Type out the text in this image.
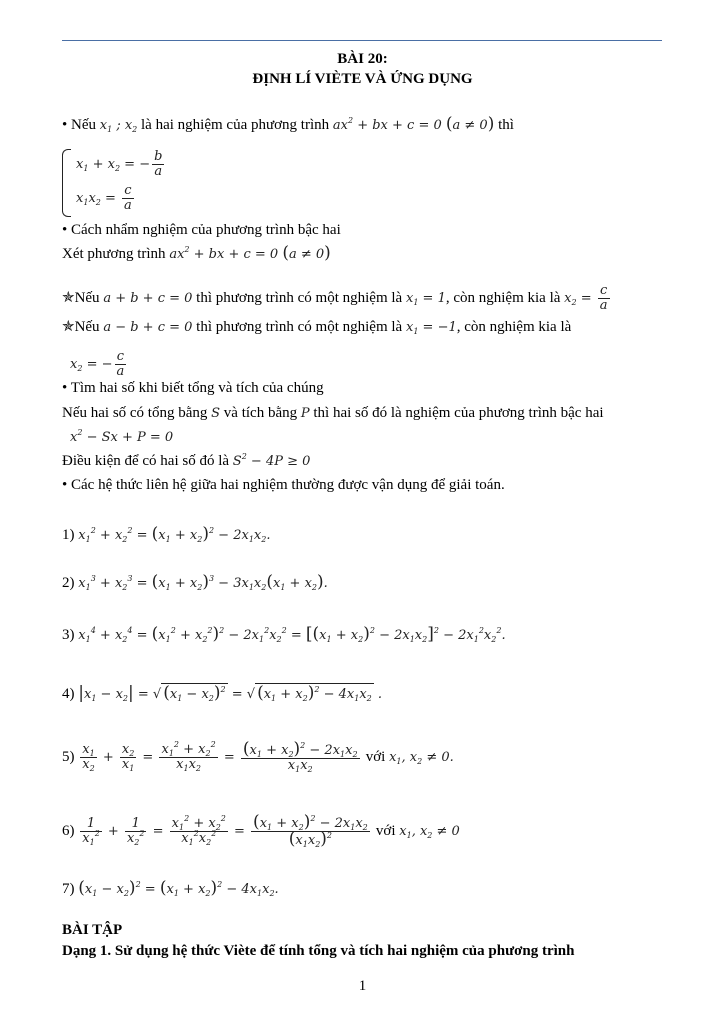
BÀI 20:
ĐỊNH LÍ VIÈTE VÀ ỨNG DỤNG
• Nếu $x_1$ ; $x_2$ là hai nghiệm của phương trình $ax^2$ + bx + c = 0 (a ≠ 0) thì
$x_1 + x_2$ = − $\frac{b}{a}$
$x_1x_2 = \frac{c}{a}$
• Cách nhẩm nghiệm của phương trình bậc hai
Xét phương trình $ax^2$ + bx + c = 0 (a ≠ 0)
✯Nếu a + b + c = 0 thì phương trình có một nghiệm là $x_1 = 1$, còn nghiệm kia là $x_2 = \frac{c}{a}$
✯Nếu a − b + c = 0 thì phương trình có một nghiệm là $x_1 = -1$, còn nghiệm kia là
$x_2$ = − $\frac{c}{a}$
• Tìm hai số khi biết tổng và tích của chúng
Nếu hai số có tổng bằng S và tích bằng P thì hai số đó là nghiệm của phương trình bậc hai
$x^2 - Sx + P = 0$
Điều kiện để có hai số đó là $S^2 - 4P \ge 0$
• Các hệ thức liên hệ giữa hai nghiệm thường được vận dụng để giải toán.
1) $x_1^2 + x_2^2 = (x_1 + x_2)^2 - 2x_1x_2$.
2) $x_1^3 + x_2^3 = (x_1 + x_2)^3 - 3x_1x_2(x_1 + x_2)$.
3) $x_1^4 + x_2^4 = (x_1^2 + x_2^2)^2 - 2x_1^2x_2^2 = [(x_1 + x_2)^2 - 2x_1x_2]^2 - 2x_1^2x_2^2$.
4) $|x_1 - x_2|$ = √ $(x_1 - x_2)^2$ = √ $(x_1 + x_2)^2 - 4x_1x_2$ .
$5) \frac{x_1}{x_2} + \frac{x_2}{x_1} = \frac{x_1^2 + x_2^2}{x_1x_2} = \frac{(x_1 + x_2)^2 - 2x_1x_2}{x_1x_2}$ với $x_1$, $x_2 \ne 0$.
$6) \frac{1}{x_1^2} + \frac{1}{x_2^2} = \frac{x_1^2 + x_2^2}{x_1^2x_2^2} = \frac{(x_1 + x_2)^2 - 2x_1x_2}{(x_1x_2)^2}$ với $x_1$, $x_2 \ne 0$
7) $(x_1 - x_2)^2 = (x_1 + x_2)^2 - 4x_1x_2$.
BÀI TẬP
Dạng 1. Sử dụng hệ thức Viète để tính tổng và tích hai nghiệm của phương trình
1
